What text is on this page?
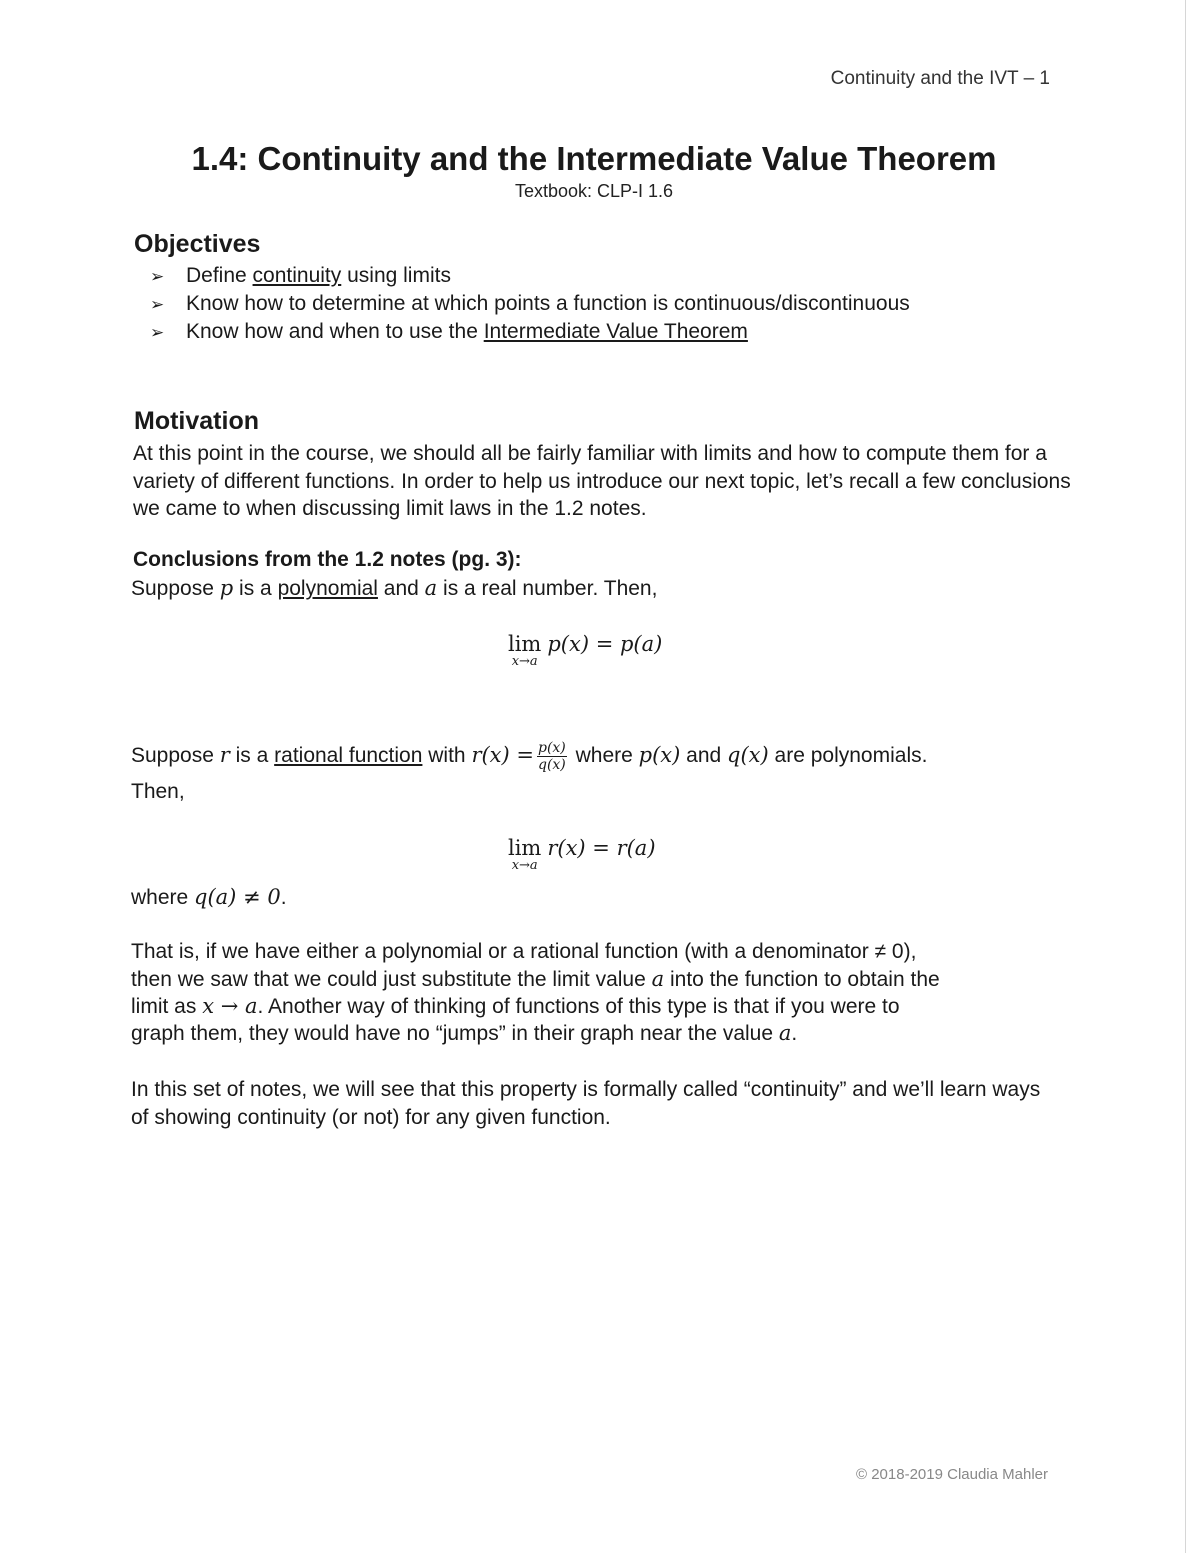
Continuity and the IVT – 1
1.4: Continuity and the Intermediate Value Theorem
Textbook: CLP-I 1.6
Objectives
➢	Define continuity using limits
➢	Know how to determine at which points a function is continuous/discontinuous
➢	Know how and when to use the Intermediate Value Theorem
Motivation

At this point in the course, we should all be fairly familiar with limits and how to compute them for a variety of different functions. In order to help us introduce our next topic, let’s recall a few conclusions we came to when discussing limit laws in the 1.2 notes.

Conclusions from the 1.2 notes (pg. 3):

Suppose p is a polynomial and a is a real number. Then,

lim
x→a
p(x) = p(a)

Suppose r is a rational function with $r(x) = \frac{p(x)}{q(x)}$ where p(x) and q(x) are polynomials.

Then,

lim
x→a
r(x) = r(a)

where q(a) ≠ 0.

That is, if we have either a polynomial or a rational function (with a denominator ≠ 0),

then we saw that we could just substitute the limit value a into the function to obtain the

limit as x → a. Another way of thinking of functions of this type is that if you were to

graph them, they would have no “jumps” in their graph near the value a.

In this set of notes, we will see that this property is formally called “continuity” and we’ll learn ways of showing continuity (or not) for any given function.

© 2018-2019 Claudia Mahler
